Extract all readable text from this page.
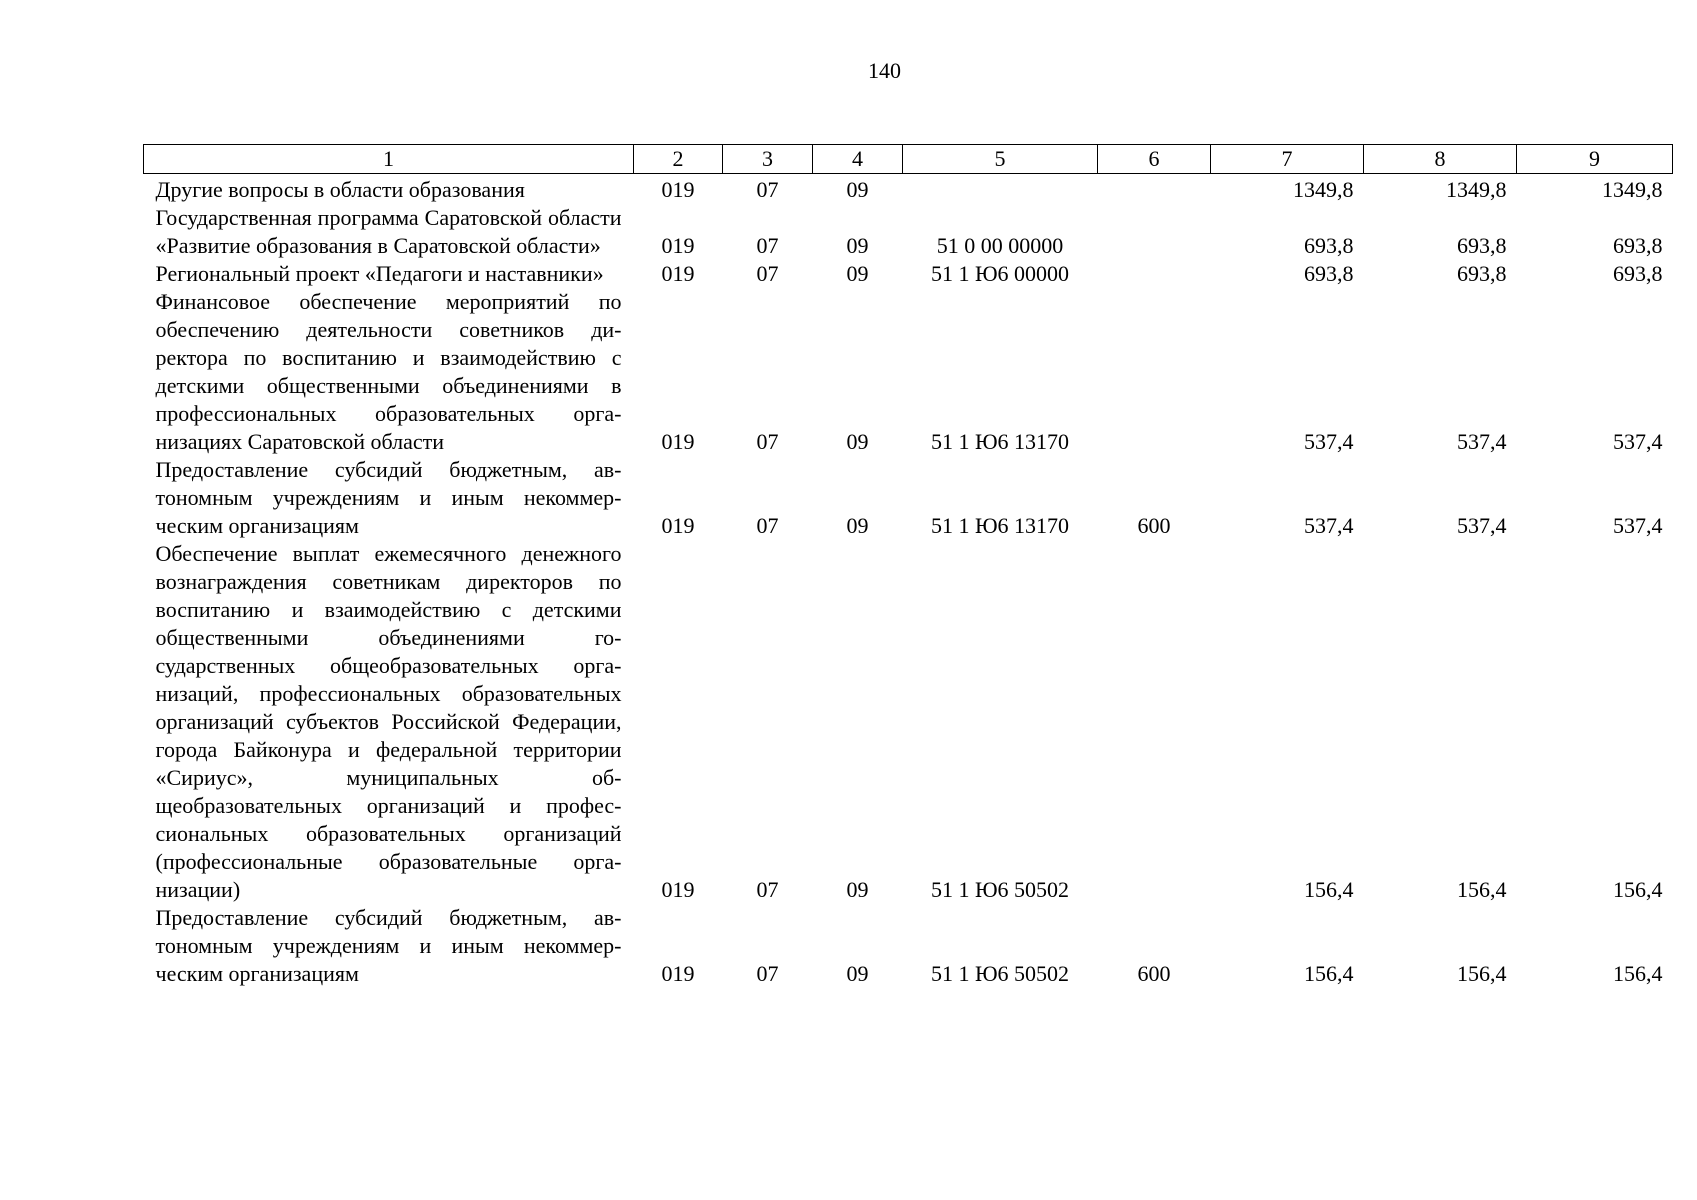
140
1	2	3	4	5	6	7	8	9
Другие вопросы в области образования	019	07	09			1349,8	1349,8	1349,8
Государственная программа Саратовской области «Развитие образования в Саратовской области»	019	07	09	51 0 00 00000		693,8	693,8	693,8
Региональный проект «Педагоги и наставники»	019	07	09	51 1 Ю6 00000		693,8	693,8	693,8
Финансовое обеспечение мероприятий по обеспечению деятельности советников директора по воспитанию и взаимодействию с детскими общественными объединениями в профессиональных образовательных организациях Саратовской области	019	07	09	51 1 Ю6 13170		537,4	537,4	537,4
Предоставление субсидий бюджетным, автономным учреждениям и иным некоммерческим организациям	019	07	09	51 1 Ю6 13170	600	537,4	537,4	537,4
Обеспечение выплат ежемесячного денежного вознаграждения советникам директоров по воспитанию и взаимодействию с детскими общественными объединениями государственных общеобразовательных организаций, профессиональных образовательных организаций субъектов Российской Федерации, города Байконура и федеральной территории «Сириус», муниципальных общеобразовательных организаций и профессиональных образовательных организаций (профессиональные образовательные организации)	019	07	09	51 1 Ю6 50502		156,4	156,4	156,4
Предоставление субсидий бюджетным, автономным учреждениям и иным некоммерческим организациям	019	07	09	51 1 Ю6 50502	600	156,4	156,4	156,4
